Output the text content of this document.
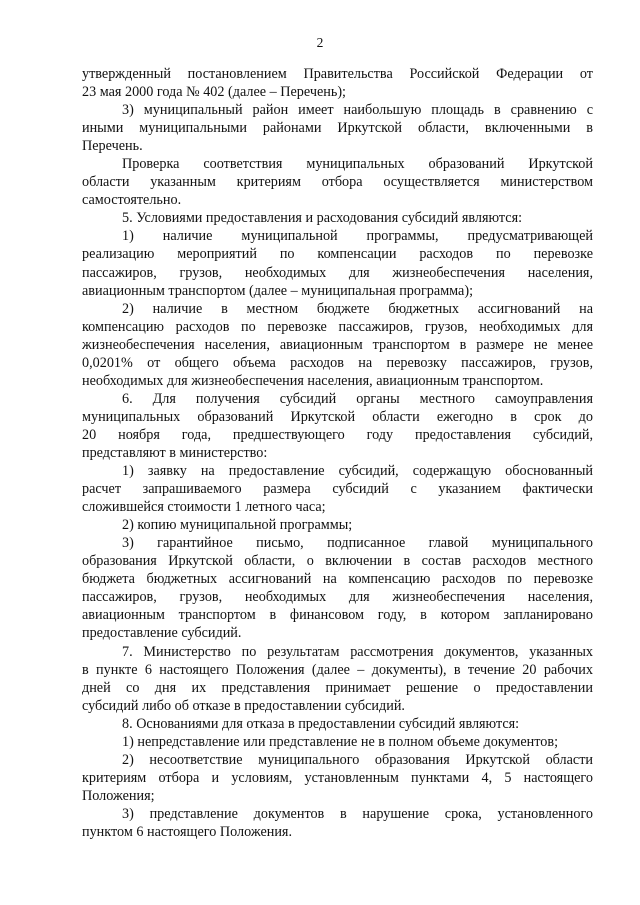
2
утвержденный постановлением Правительства Российской Федерации от
23 мая 2000 года № 402 (далее – Перечень);
3) муниципальный район имеет наибольшую площадь в сравнению с
иными муниципальными районами Иркутской области, включенными в
Перечень.
Проверка соответствия муниципальных образований Иркутской
области указанным критериям отбора осуществляется министерством
самостоятельно.
5. Условиями предоставления и расходования субсидий являются:
1) наличие муниципальной программы, предусматривающей
реализацию мероприятий по компенсации расходов по перевозке
пассажиров, грузов, необходимых для жизнеобеспечения населения,
авиационным транспортом (далее – муниципальная программа);
2) наличие в местном бюджете бюджетных ассигнований на
компенсацию расходов по перевозке пассажиров, грузов, необходимых для
жизнеобеспечения населения, авиационным транспортом в размере не менее
0,0201% от общего объема расходов на перевозку пассажиров, грузов,
необходимых для жизнеобеспечения населения, авиационным транспортом.
6. Для получения субсидий органы местного самоуправления
муниципальных образований Иркутской области ежегодно в срок до
20 ноября года, предшествующего году предоставления субсидий,
представляют в министерство:
1) заявку на предоставление субсидий, содержащую обоснованный
расчет запрашиваемого размера субсидий с указанием фактически
сложившейся стоимости 1 летного часа;
2) копию муниципальной программы;
3) гарантийное письмо, подписанное главой муниципального
образования Иркутской области, о включении в состав расходов местного
бюджета бюджетных ассигнований на компенсацию расходов по перевозке
пассажиров, грузов, необходимых для жизнеобеспечения населения,
авиационным транспортом в финансовом году, в котором запланировано
предоставление субсидий.
7. Министерство по результатам рассмотрения документов, указанных
в пункте 6 настоящего Положения (далее – документы), в течение 20 рабочих
дней со дня их представления принимает решение о предоставлении
субсидий либо об отказе в предоставлении субсидий.
8. Основаниями для отказа в предоставлении субсидий являются:
1) непредставление или представление не в полном объеме документов;
2) несоответствие муниципального образования Иркутской области
критериям отбора и условиям, установленным пунктами 4, 5 настоящего
Положения;
3) представление документов в нарушение срока, установленного
пунктом 6 настоящего Положения.
